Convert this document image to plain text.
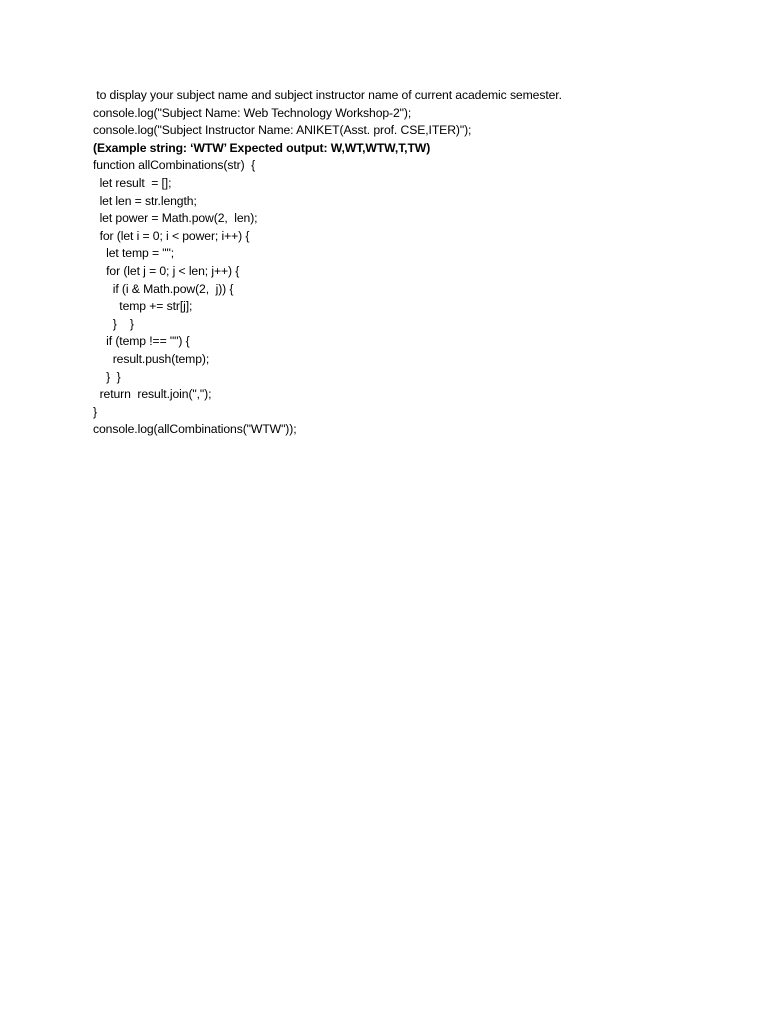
to display your subject name and subject instructor name of current academic semester.
console.log("Subject Name: Web Technology Workshop-2");
console.log("Subject Instructor Name: ANIKET(Asst. prof. CSE,ITER)");
(Example string: ‘WTW’ Expected output: W,WT,WTW,T,TW)
function allCombinations(str)  {
let result  = [];
let len = str.length;
let power = Math.pow(2,  len);
for (let i = 0; i < power; i++) {
let temp = "";
for (let j = 0; j < len; j++) {
if (i & Math.pow(2,  j)) {
temp += str[j];
}    }
if (temp !== "") {
result.push(temp);
}  }
return  result.join(",");
}
console.log(allCombinations("WTW"));
